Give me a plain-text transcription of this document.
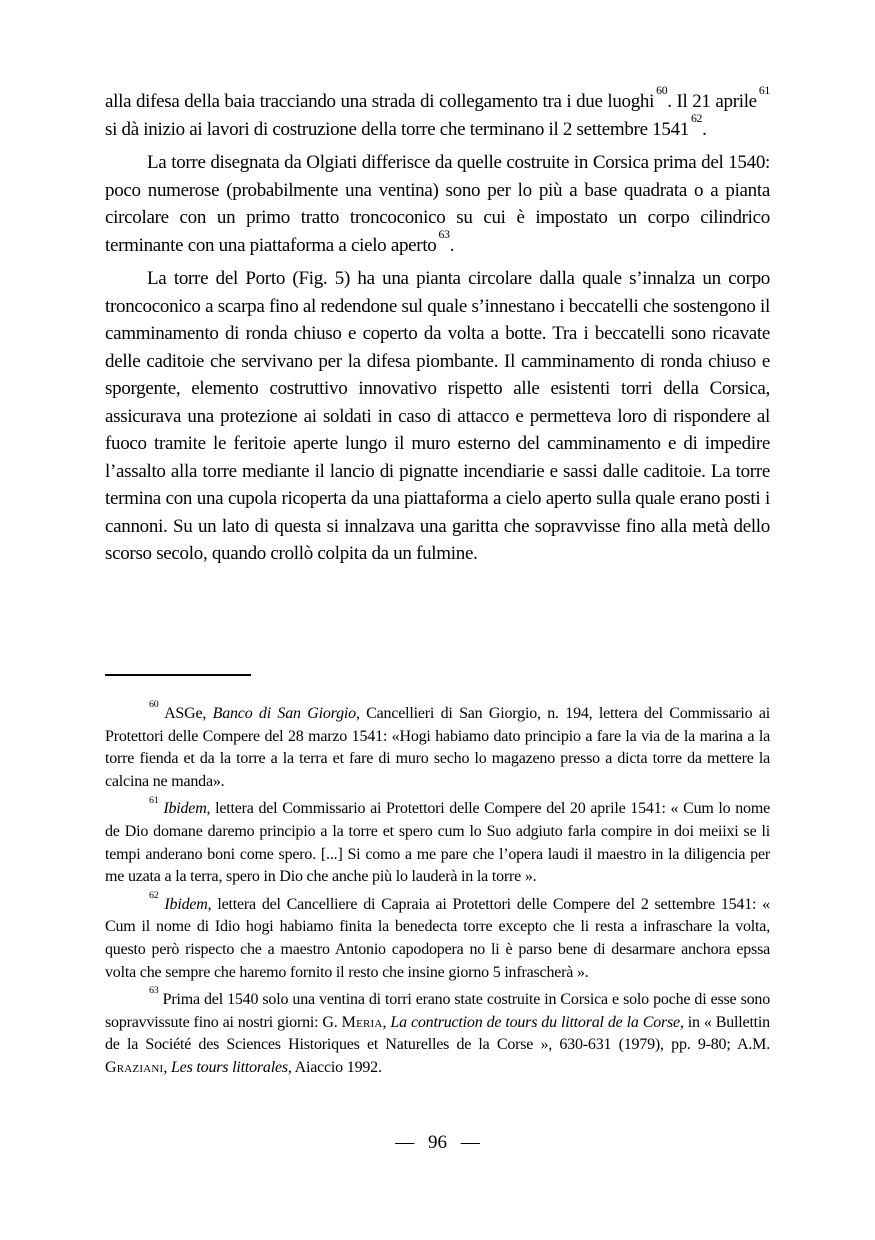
alla difesa della baia tracciando una strada di collegamento tra i due luoghi$^{60}$. Il 21 aprile$^{61}$ si dà inizio ai lavori di costruzione della torre che terminano il 2 settembre 1541$^{62}$.

La torre disegnata da Olgiati differisce da quelle costruite in Corsica prima del 1540: poco numerose (probabilmente una ventina) sono per lo più a base quadrata o a pianta circolare con un primo tratto troncoconico su cui è impostato un corpo cilindrico terminante con una piattaforma a cielo aperto$^{63}$.

La torre del Porto (Fig. 5) ha una pianta circolare dalla quale s’innalza un corpo troncoconico a scarpa fino al redendone sul quale s’innestano i beccatelli che sostengono il camminamento di ronda chiuso e coperto da volta a botte. Tra i beccatelli sono ricavate delle caditoie che servivano per la difesa piombante. Il camminamento di ronda chiuso e sporgente, elemento costruttivo innovativo rispetto alle esistenti torri della Corsica, assicurava una protezione ai soldati in caso di attacco e permetteva loro di rispondere al fuoco tramite le feritoie aperte lungo il muro esterno del camminamento e di impedire l’assalto alla torre mediante il lancio di pignatte incendiarie e sassi dalle caditoie. La torre termina con una cupola ricoperta da una piattaforma a cielo aperto sulla quale erano posti i cannoni. Su un lato di questa si innalzava una garitta che sopravvisse fino alla metà dello scorso secolo, quando crollò colpita da un fulmine.

$^{60}$ ASGe, Banco di San Giorgio, Cancellieri di San Giorgio, n. 194, lettera del Commissario ai Protettori delle Compere del 28 marzo 1541: «Hogi habiamo dato principio a fare la via de la marina a la torre fienda et da la torre a la terra et fare di muro secho lo magazeno presso a dicta torre da mettere la calcina ne manda».

$^{61}$ Ibidem, lettera del Commissario ai Protettori delle Compere del 20 aprile 1541: « Cum lo nome de Dio domane daremo principio a la torre et spero cum lo Suo adgiuto farla compire in doi meiixi se li tempi anderano boni come spero. [...] Si como a me pare che l’opera laudi il maestro in la diligencia per me uzata a la terra, spero in Dio che anche più lo lauderà in la torre ».

$^{62}$ Ibidem, lettera del Cancelliere di Capraia ai Protettori delle Compere del 2 settembre 1541: « Cum il nome di Idio hogi habiamo finita la benedecta torre excepto che li resta a infraschare la volta, questo però rispecto che a maestro Antonio capodopera no li è parso bene di desarmare anchora epssa volta che sempre che haremo fornito il resto che insine giorno 5 infrascherà ».

$^{63}$ Prima del 1540 solo una ventina di torri erano state costruite in Corsica e solo poche di esse sono sopravvissute fino ai nostri giorni: G. Meria, La contruction de tours du littoral de la Corse, in « Bullettin de la Société des Sciences Historiques et Naturelles de la Corse », 630-631 (1979), pp. 9-80; A.M. Graziani, Les tours littorales, Aiaccio 1992.

— 96 —
